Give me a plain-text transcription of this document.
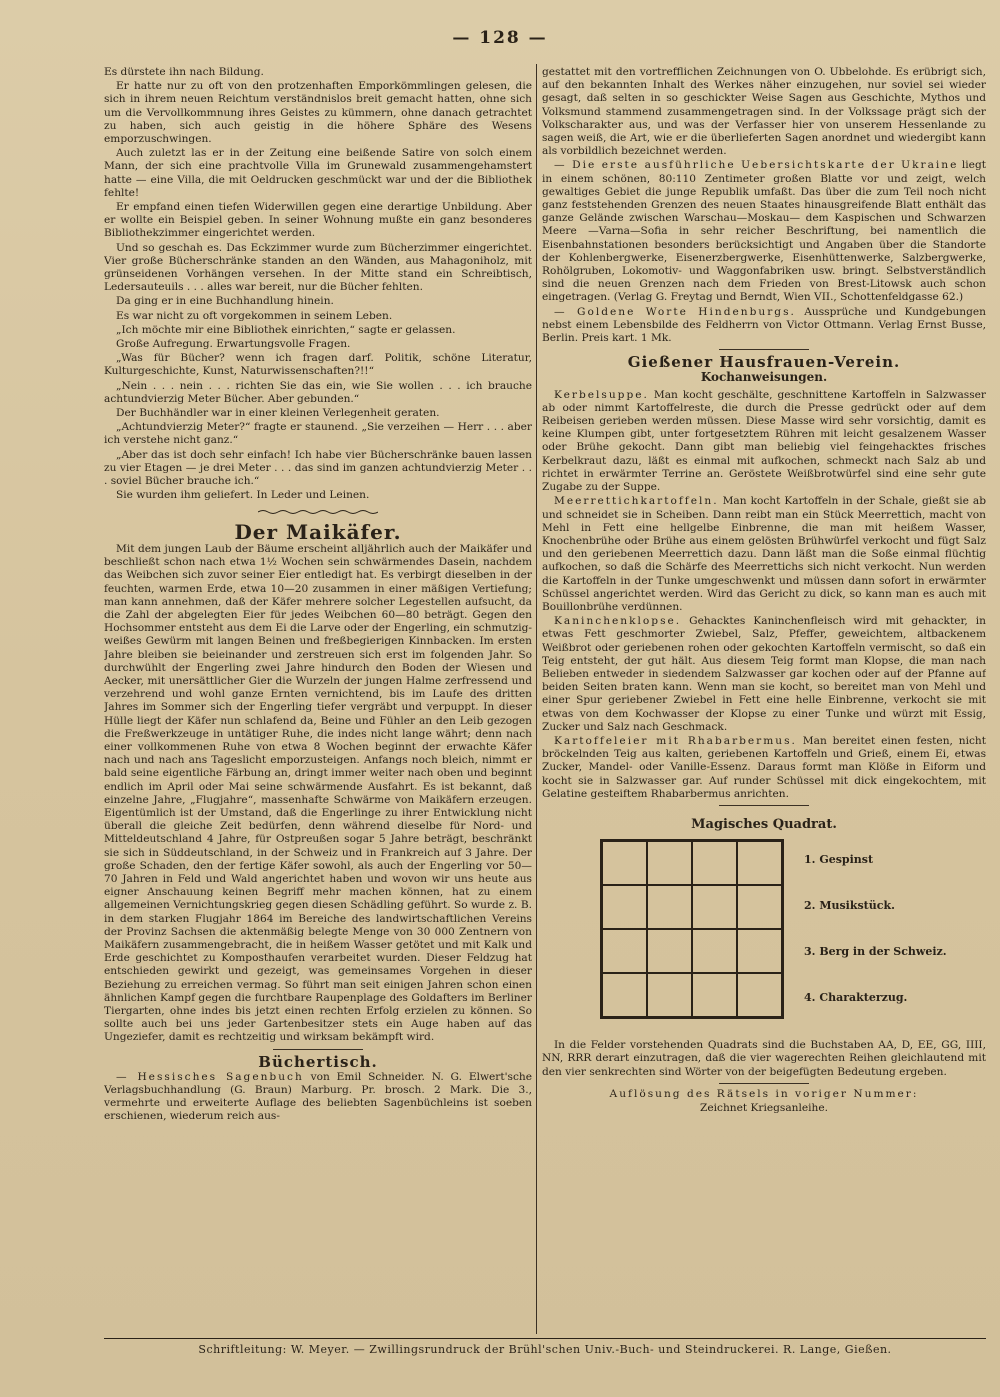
— 128 —

Es dürstete ihn nach Bildung.

Er hatte nur zu oft von den protzenhaften Emporkömmlingen gelesen, die sich in ihrem neuen Reichtum verständnislos breit gemacht hatten, ohne sich um die Vervollkommnung ihres Geistes zu kümmern, ohne danach getrachtet zu haben, sich auch geistig in die höhere Sphäre des Wesens emporzuschwingen.

Auch zuletzt las er in der Zeitung eine beißende Satire von solch einem Mann, der sich eine prachtvolle Villa im Grunewald zusammengehamstert hatte — eine Villa, die mit Oeldrucken geschmückt war und der die Bibliothek fehlte!

Er empfand einen tiefen Widerwillen gegen eine derartige Unbildung. Aber er wollte ein Beispiel geben. In seiner Wohnung mußte ein ganz besonderes Bibliothekzimmer eingerichtet werden.

Und so geschah es. Das Eckzimmer wurde zum Bücherzimmer eingerichtet. Vier große Bücherschränke standen an den Wänden, aus Mahagoniholz, mit grünseidenen Vorhängen versehen. In der Mitte stand ein Schreibtisch, Ledersauteuils . . . alles war bereit, nur die Bücher fehlten.

Da ging er in eine Buchhandlung hinein.

Es war nicht zu oft vorgekommen in seinem Leben.

„Ich möchte mir eine Bibliothek einrichten,“ sagte er gelassen.

Große Aufregung. Erwartungsvolle Fragen.

„Was für Bücher? wenn ich fragen darf. Politik, schöne Literatur, Kulturgeschichte, Kunst, Naturwissenschaften?!!“

„Nein . . . nein . . . richten Sie das ein, wie Sie wollen . . . ich brauche achtundvierzig Meter Bücher. Aber gebunden.“

Der Buchhändler war in einer kleinen Verlegenheit geraten.

„Achtundvierzig Meter?“ fragte er staunend. „Sie verzeihen — Herr . . . aber ich verstehe nicht ganz.“

„Aber das ist doch sehr einfach! Ich habe vier Bücherschränke bauen lassen zu vier Etagen — je drei Meter . . . das sind im ganzen achtundvierzig Meter . . . soviel Bücher brauche ich.“

Sie wurden ihm geliefert. In Leder und Leinen.

Der Maikäfer.

Mit dem jungen Laub der Bäume erscheint alljährlich auch der Maikäfer und beschließt schon nach etwa 1½ Wochen sein schwärmendes Dasein, nachdem das Weibchen sich zuvor seiner Eier entledigt hat. Es verbirgt dieselben in der feuchten, warmen Erde, etwa 10—20 zusammen in einer mäßigen Vertiefung; man kann annehmen, daß der Käfer mehrere solcher Legestellen aufsucht, da die Zahl der abgelegten Eier für jedes Weibchen 60—80 beträgt. Gegen den Hochsommer entsteht aus dem Ei die Larve oder der Engerling, ein schmutzig-weißes Gewürm mit langen Beinen und freßbegierigen Kinnbacken. Im ersten Jahre bleiben sie beieinander und zerstreuen sich erst im folgenden Jahr. So durchwühlt der Engerling zwei Jahre hindurch den Boden der Wiesen und Aecker, mit unersättlicher Gier die Wurzeln der jungen Halme zerfressend und verzehrend und wohl ganze Ernten vernichtend, bis im Laufe des dritten Jahres im Sommer sich der Engerling tiefer vergräbt und verpuppt. In dieser Hülle liegt der Käfer nun schlafend da, Beine und Fühler an den Leib gezogen die Freßwerkzeuge in untätiger Ruhe, die indes nicht lange währt; denn nach einer vollkommenen Ruhe von etwa 8 Wochen beginnt der erwachte Käfer nach und nach ans Tageslicht emporzusteigen. Anfangs noch bleich, nimmt er bald seine eigentliche Färbung an, dringt immer weiter nach oben und beginnt endlich im April oder Mai seine schwärmende Ausfahrt. Es ist bekannt, daß einzelne Jahre, „Flugjahre“, massenhafte Schwärme von Maikäfern erzeugen. Eigentümlich ist der Umstand, daß die Engerlinge zu ihrer Entwicklung nicht überall die gleiche Zeit bedürfen, denn während dieselbe für Nord- und Mitteldeutschland 4 Jahre, für Ostpreußen sogar 5 Jahre beträgt, beschränkt sie sich in Süddeutschland, in der Schweiz und in Frankreich auf 3 Jahre. Der große Schaden, den der fertige Käfer sowohl, als auch der Engerling vor 50—70 Jahren in Feld und Wald angerichtet haben und wovon wir uns heute aus eigner Anschauung keinen Begriff mehr machen können, hat zu einem allgemeinen Vernichtungskrieg gegen diesen Schädling geführt. So wurde z. B. in dem starken Flugjahr 1864 im Bereiche des landwirtschaftlichen Vereins der Provinz Sachsen die aktenmäßig belegte Menge von 30 000 Zentnern von Maikäfern zusammengebracht, die in heißem Wasser getötet und mit Kalk und Erde geschichtet zu Komposthaufen verarbeitet wurden. Dieser Feldzug hat entschieden gewirkt und gezeigt, was gemeinsames Vorgehen in dieser Beziehung zu erreichen vermag. So führt man seit einigen Jahren schon einen ähnlichen Kampf gegen die furchtbare Raupenplage des Goldafters im Berliner Tiergarten, ohne indes bis jetzt einen rechten Erfolg erzielen zu können. So sollte auch bei uns jeder Gartenbesitzer stets ein Auge haben auf das Ungeziefer, damit es rechtzeitig und wirksam bekämpft wird.

Büchertisch.

— Hessisches Sagenbuch von Emil Schneider. N. G. Elwert'sche Verlagsbuchhandlung (G. Braun) Marburg. Pr. brosch. 2 Mark. Die 3., vermehrte und erweiterte Auflage des beliebten Sagenbüchleins ist soeben erschienen, wiederum reich aus-

gestattet mit den vortrefflichen Zeichnungen von O. Ubbelohde. Es erübrigt sich, auf den bekannten Inhalt des Werkes näher einzugehen, nur soviel sei wieder gesagt, daß selten in so geschickter Weise Sagen aus Geschichte, Mythos und Volksmund stammend zusammengetragen sind. In der Volkssage prägt sich der Volkscharakter aus, und was der Verfasser hier von unserem Hessenlande zu sagen weiß, die Art, wie er die überlieferten Sagen anordnet und wiedergibt kann als vorbildlich bezeichnet werden.

— Die erste ausführliche Uebersichtskarte der Ukraine liegt in einem schönen, 80:110 Zentimeter großen Blatte vor und zeigt, welch gewaltiges Gebiet die junge Republik umfaßt. Das über die zum Teil noch nicht ganz feststehenden Grenzen des neuen Staates hinausgreifende Blatt enthält das ganze Gelände zwischen Warschau—Moskau— dem Kaspischen und Schwarzen Meere —Varna—Sofia in sehr reicher Beschriftung, bei namentlich die Eisenbahnstationen besonders berücksichtigt und Angaben über die Standorte der Kohlenbergwerke, Eisenerzbergwerke, Eisenhüttenwerke, Salzbergwerke, Rohölgruben, Lokomotiv- und Waggonfabriken usw. bringt. Selbstverständlich sind die neuen Grenzen nach dem Frieden von Brest-Litowsk auch schon eingetragen. (Verlag G. Freytag und Berndt, Wien VII., Schottenfeldgasse 62.)

— Goldene Worte Hindenburgs. Aussprüche und Kundgebungen nebst einem Lebensbilde des Feldherrn von Victor Ottmann. Verlag Ernst Busse, Berlin. Preis kart. 1 Mk.

Gießener Hausfrauen-Verein.
Kochanweisungen.

Kerbelsuppe. Man kocht geschälte, geschnittene Kartoffeln in Salzwasser ab oder nimmt Kartoffelreste, die durch die Presse gedrückt oder auf dem Reibeisen gerieben werden müssen. Diese Masse wird sehr vorsichtig, damit es keine Klumpen gibt, unter fortgesetztem Rühren mit leicht gesalzenem Wasser oder Brühe gekocht. Dann gibt man beliebig viel feingehacktes frisches Kerbelkraut dazu, läßt es einmal mit aufkochen, schmeckt nach Salz ab und richtet in erwärmter Terrine an. Geröstete Weißbrotwürfel sind eine sehr gute Zugabe zu der Suppe.

Meerrettichkartoffeln. Man kocht Kartoffeln in der Schale, gießt sie ab und schneidet sie in Scheiben. Dann reibt man ein Stück Meerrettich, macht von Mehl in Fett eine hellgelbe Einbrenne, die man mit heißem Wasser, Knochenbrühe oder Brühe aus einem gelösten Brühwürfel verkocht und fügt Salz und den geriebenen Meerrettich dazu. Dann läßt man die Soße einmal flüchtig aufkochen, so daß die Schärfe des Meerrettichs sich nicht verkocht. Nun werden die Kartoffeln in der Tunke umgeschwenkt und müssen dann sofort in erwärmter Schüssel angerichtet werden. Wird das Gericht zu dick, so kann man es auch mit Bouillonbrühe verdünnen.

Kaninchenklopse. Gehacktes Kaninchenfleisch wird mit gehackter, in etwas Fett geschmorter Zwiebel, Salz, Pfeffer, geweichtem, altbackenem Weißbrot oder geriebenen rohen oder gekochten Kartoffeln vermischt, so daß ein Teig entsteht, der gut hält. Aus diesem Teig formt man Klopse, die man nach Belieben entweder in siedendem Salzwasser gar kochen oder auf der Pfanne auf beiden Seiten braten kann. Wenn man sie kocht, so bereitet man von Mehl und einer Spur geriebener Zwiebel in Fett eine helle Einbrenne, verkocht sie mit etwas von dem Kochwasser der Klopse zu einer Tunke und würzt mit Essig, Zucker und Salz nach Geschmack.

Kartoffeleier mit Rhabarbermus. Man bereitet einen festen, nicht bröckelnden Teig aus kalten, geriebenen Kartoffeln und Grieß, einem Ei, etwas Zucker, Mandel- oder Vanille-Essenz. Daraus formt man Klöße in Eiform und kocht sie in Salzwasser gar. Auf runder Schüssel mit dick eingekochtem, mit Gelatine gesteiftem Rhabarbermus anrichten.

Magisches Quadrat.
1. Gespinst
2. Musikstück.
3. Berg in der Schweiz.
4. Charakterzug.

In die Felder vorstehenden Quadrats sind die Buchstaben AA, D, EE, GG, IIII, NN, RRR derart einzutragen, daß die vier wagerechten Reihen gleichlautend mit den vier senkrechten sind Wörter von der beigefügten Bedeutung ergeben.

Auflösung des Rätsels in voriger Nummer:

Zeichnet Kriegsanleihe.

Schriftleitung: W. Meyer. — Zwillingsrundruck der Brühl'schen Univ.-Buch- und Steindruckerei. R. Lange, Gießen.
